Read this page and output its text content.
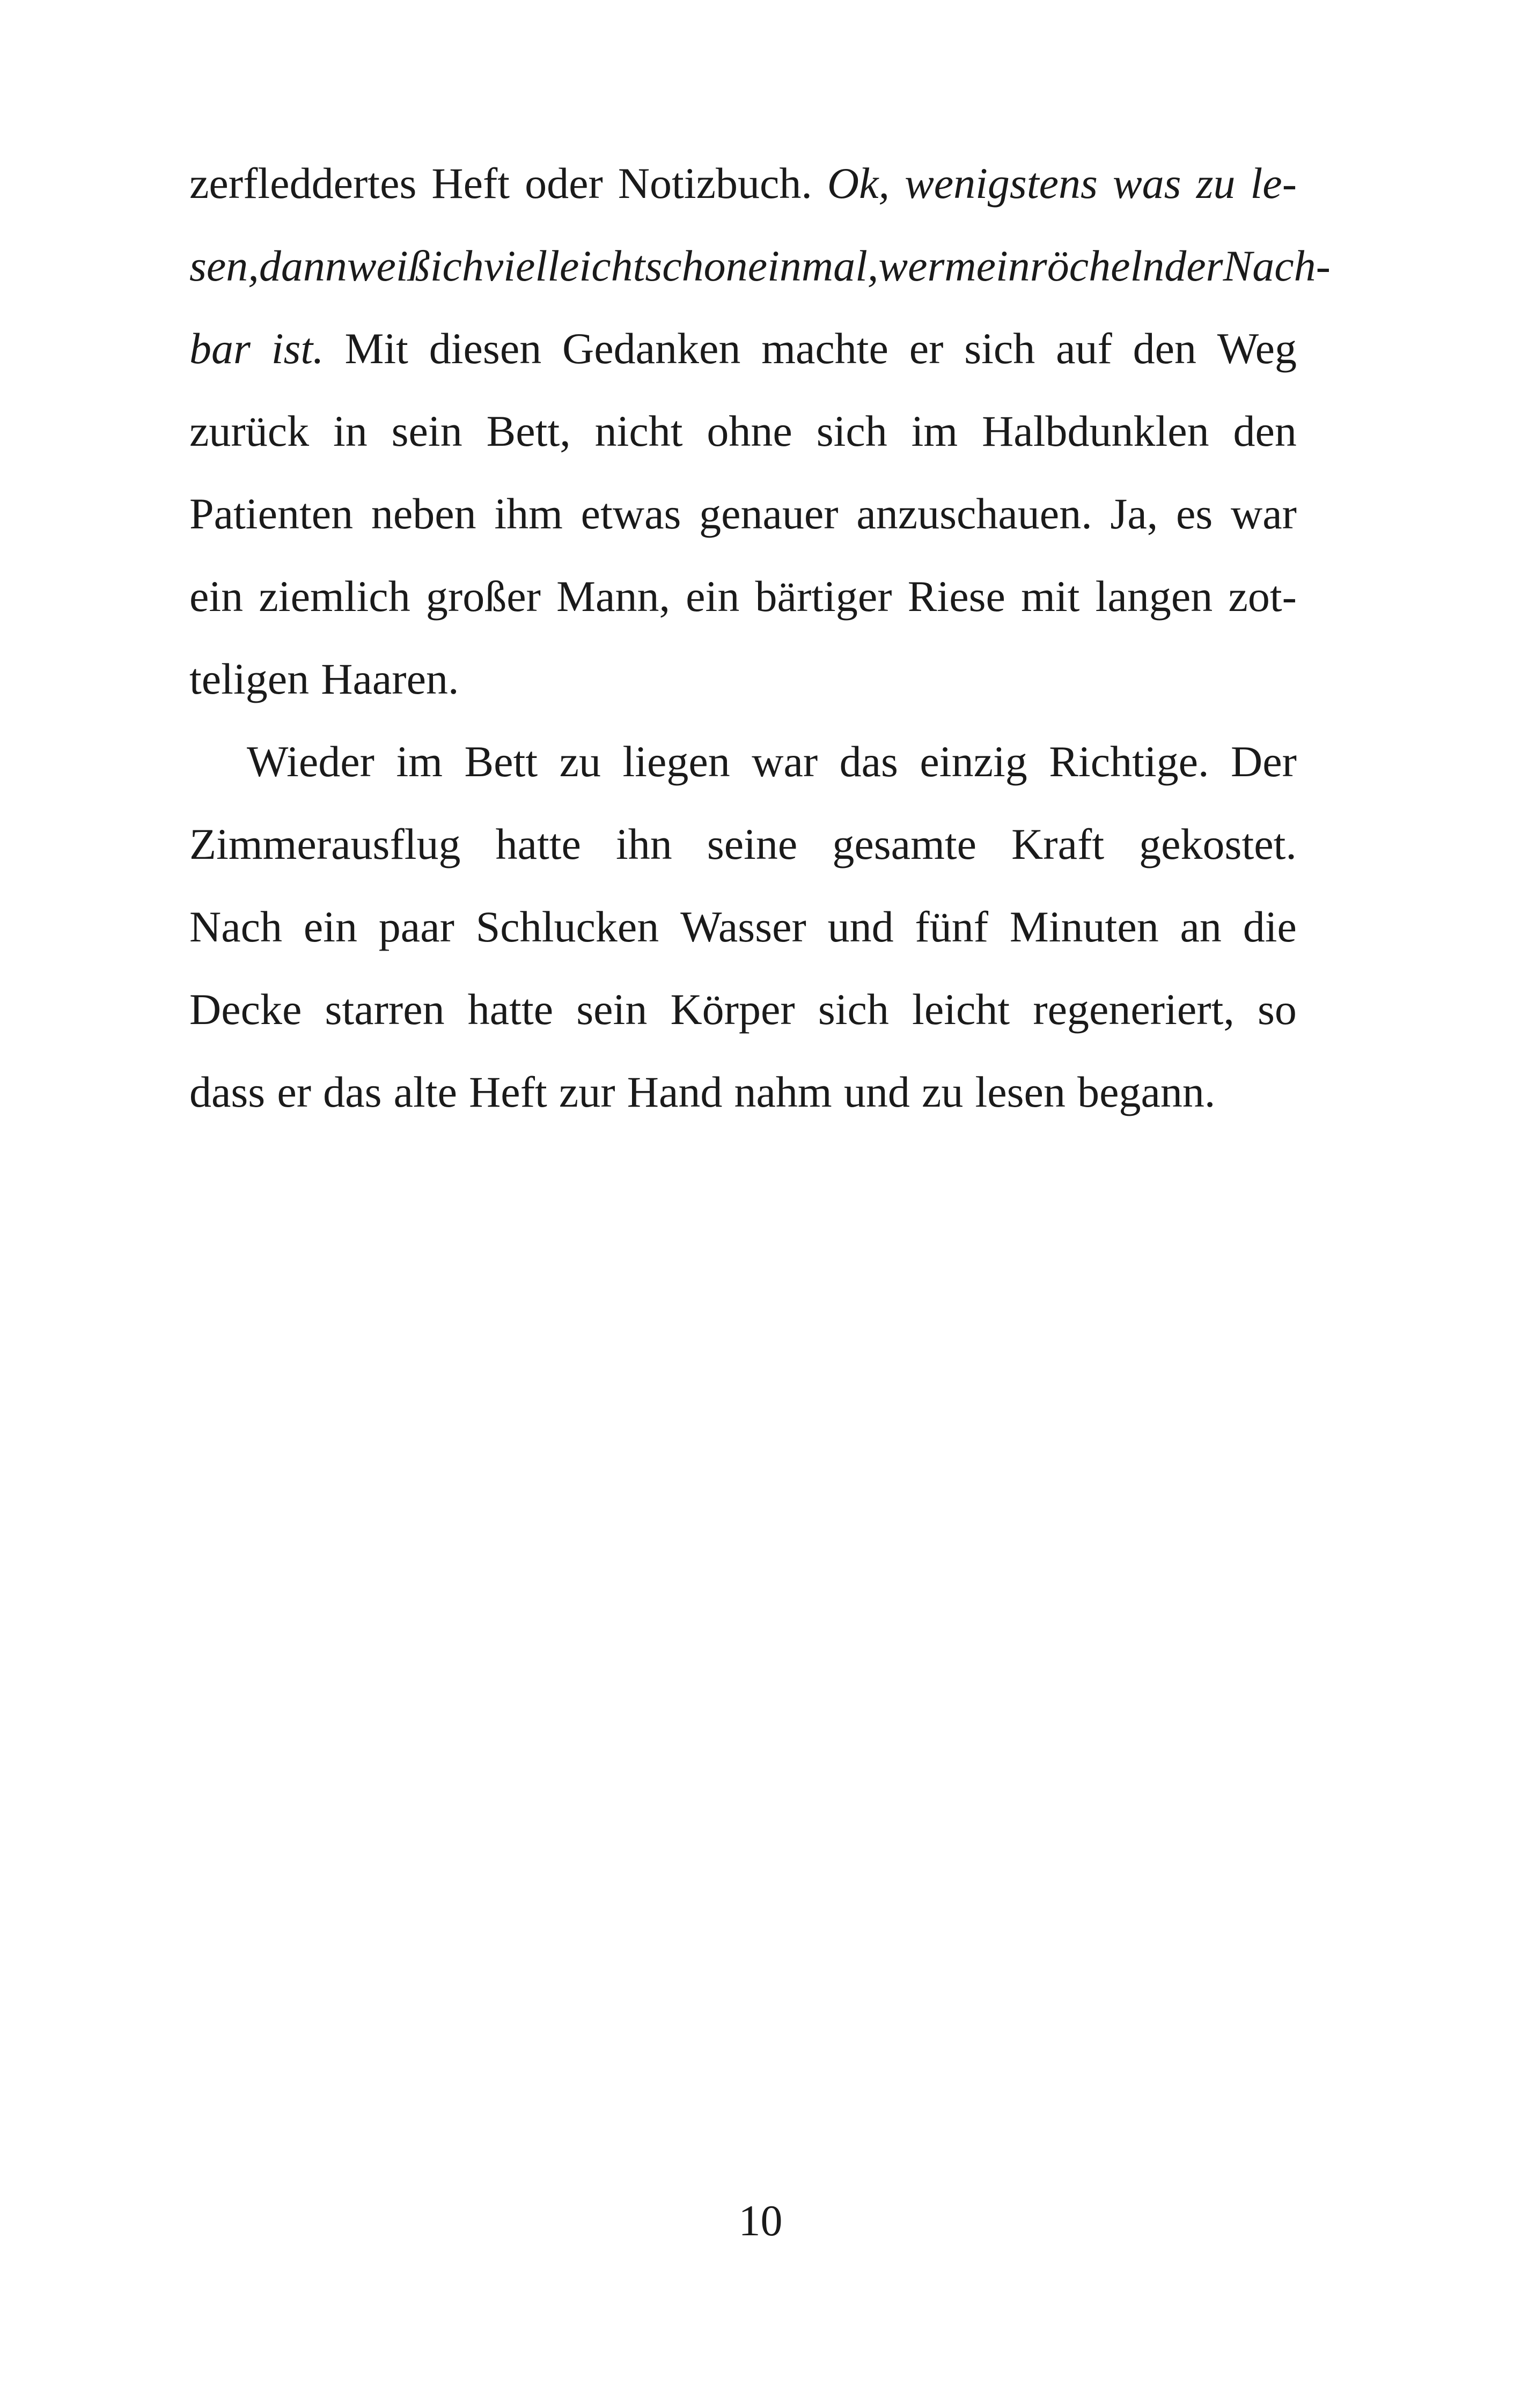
zerfleddertes Heft oder Notizbuch. Ok, wenigstens was zu le-
sen, dann weiß ich vielleicht schon einmal, wer mein röchelnder Nach-
bar ist. Mit diesen Gedanken machte er sich auf den Weg
zurück in sein Bett, nicht ohne sich im Halbdunklen den
Patienten neben ihm etwas genauer anzuschauen. Ja, es war
ein ziemlich großer Mann, ein bärtiger Riese mit langen zot-
teligen Haaren.
Wieder im Bett zu liegen war das einzig Richtige. Der
Zimmerausflug hatte ihn seine gesamte Kraft gekostet.
Nach ein paar Schlucken Wasser und fünf Minuten an die
Decke starren hatte sein Körper sich leicht regeneriert, so
dass er das alte Heft zur Hand nahm und zu lesen begann.
10
